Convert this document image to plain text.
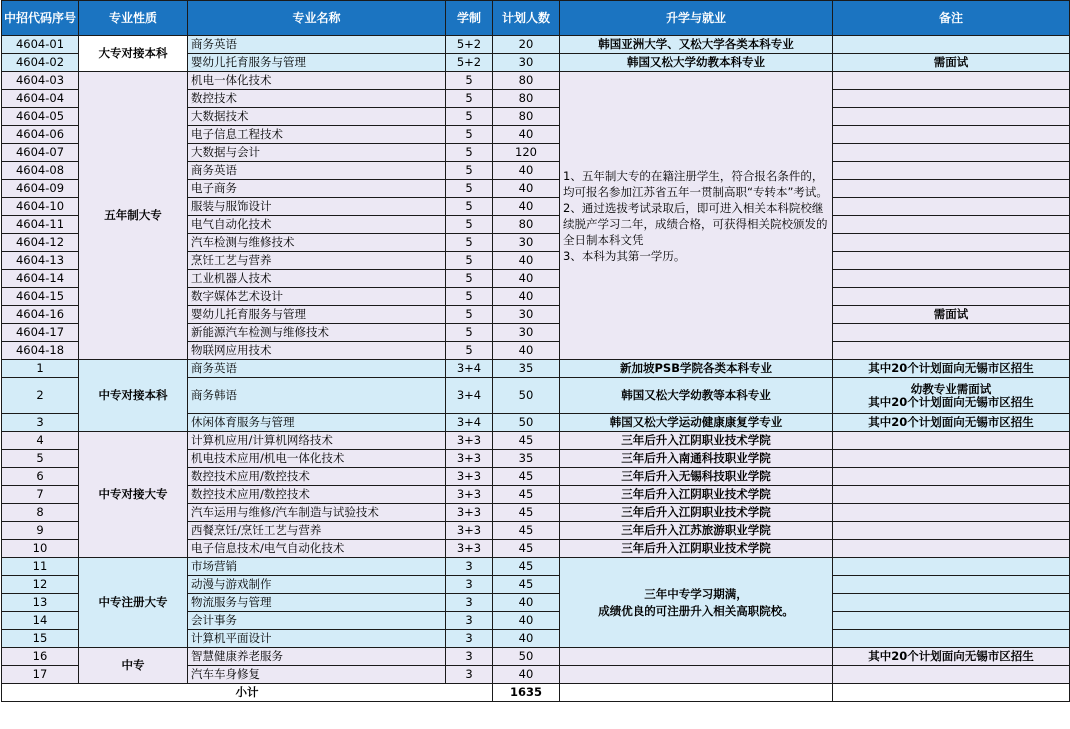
中招代码序号	专业性质	专业名称	学制	计划人数	升学与就业	备注
4604-01	大专对接本科	商务英语	5+2	20	韩国亚洲大学、又松大学各类本科专业	
4604-02		婴幼儿托育服务与管理	5+2	30	韩国又松大学幼教本科专业	需面试
4604-03	五年制大专	机电一体化技术	5	80	1、五年制大专的在籍注册学生，符合报名条件的，均可报名参加江苏省五年一贯制高职“专转本”考试。
2、通过选拔考试录取后，即可进入相关本科院校继续脱产学习二年，成绩合格，可获得相关院校颁发的全日制本科文凭
3、本科为其第一学历。	
4604-04		数控技术	5	80		
4604-05		大数据技术	5	80		
4604-06		电子信息工程技术	5	40		
4604-07		大数据与会计	5	120		
4604-08		商务英语	5	40		
4604-09		电子商务	5	40		
4604-10		服装与服饰设计	5	40		
4604-11		电气自动化技术	5	80		
4604-12		汽车检测与维修技术	5	30		
4604-13		烹饪工艺与营养	5	40		
4604-14		工业机器人技术	5	40		
4604-15		数字媒体艺术设计	5	40		
4604-16		婴幼儿托育服务与管理	5	30		需面试
4604-17		新能源汽车检测与维修技术	5	30		
4604-18		物联网应用技术	5	40		
1	中专对接本科	商务英语	3+4	35	新加坡PSB学院各类本科专业	其中20个计划面向无锡市区招生
2		商务韩语	3+4	50	韩国又松大学幼教等本科专业	幼教专业需面试
其中20个计划面向无锡市区招生

3		休闲体育服务与管理	3+4	50	韩国又松大学运动健康康复学专业	其中20个计划面向无锡市区招生
4	中专对接大专	计算机应用/计算机网络技术	3+3	45	三年后升入江阴职业技术学院	
5		机电技术应用/机电一体化技术	3+3	35	三年后升入南通科技职业学院	
6		数控技术应用/数控技术	3+3	45	三年后升入无锡科技职业学院	
7		数控技术应用/数控技术	3+3	45	三年后升入江阴职业技术学院	
8		汽车运用与维修/汽车制造与试验技术	3+3	45	三年后升入江阴职业技术学院	
9		西餐烹饪/烹饪工艺与营养	3+3	45	三年后升入江苏旅游职业学院	
10		电子信息技术/电气自动化技术	3+3	45	三年后升入江阴职业技术学院	
11	中专注册大专	市场营销	3	45	三年中专学习期满，
成绩优良的可注册升入相关高职院校。	
12		动漫与游戏制作	3	45		
13		物流服务与管理	3	40		
14		会计事务	3	40		
15		计算机平面设计	3	40		
16	中专	智慧健康养老服务	3	50		其中20个计划面向无锡市区招生
17		汽车车身修复	3	40		
小计				1635		
